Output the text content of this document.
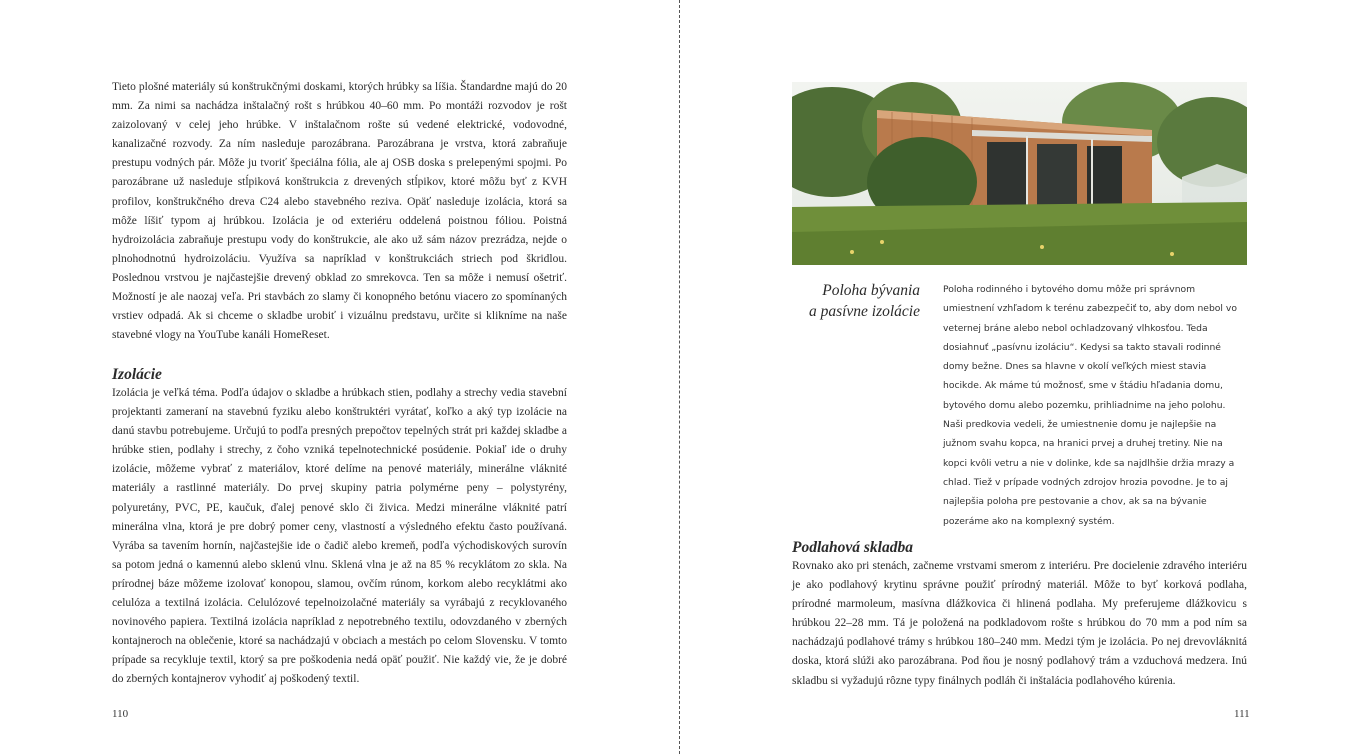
Tieto plošné materiály sú konštrukčnými doskami, ktorých hrúbky sa líšia. Štandardne majú do 20 mm. Za nimi sa nachádza inštalačný rošt s hrúbkou 40–60 mm. Po montáži rozvodov je rošt zaizolovaný v celej jeho hrúbke. V inštalačnom rošte sú vedené elektrické, vodovodné, kanalizačné rozvody. Za ním nasleduje parozábrana. Parozábrana je vrstva, ktorá zabraňuje prestupu vodných pár. Môže ju tvoriť špeciálna fólia, ale aj OSB doska s prelepenými spojmi. Po parozábrane už nasleduje stĺpiková konštrukcia z drevených stĺpikov, ktoré môžu byť z KVH profilov, konštrukčného dreva C24 alebo stavebného reziva. Opäť nasleduje izolácia, ktorá sa môže líšiť typom aj hrúbkou. Izolácia je od exteriéru oddelená poistnou fóliou. Poistná hydroizolácia zabraňuje prestupu vody do konštrukcie, ale ako už sám názov prezrádza, nejde o plnohodnotnú hydroizoláciu. Využíva sa napríklad v konštrukciách striech pod škridlou. Poslednou vrstvou je najčastejšie drevený obklad zo smrekovca. Ten sa môže i nemusí ošetriť. Možností je ale naozaj veľa. Pri stavbách zo slamy či konopného betónu viacero zo spomínaných vrstiev odpadá. Ak si chceme o skladbe urobiť i vizuálnu predstavu, určite si klikníme na naše stavebné vlogy na YouTube kanáli HomeReset.

Izolácie

Izolácia je veľká téma. Podľa údajov o skladbe a hrúbkach stien, podlahy a strechy vedia stavební projektanti zameraní na stavebnú fyziku alebo konštruktéri vyrátať, koľko a aký typ izolácie na danú stavbu potrebujeme. Určujú to podľa presných prepočtov tepelných strát pri každej skladbe a hrúbke stien, podlahy i strechy, z čoho vzniká tepelnotechnické posúdenie. Pokiaľ ide o druhy izolácie, môžeme vybrať z materiálov, ktoré delíme na penové materiály, minerálne vláknité materiály a rastlinné materiály. Do prvej skupiny patria polymérne peny – polystyrény, polyuretány, PVC, PE, kaučuk, ďalej penové sklo či živica. Medzi minerálne vláknité patrí minerálna vlna, ktorá je pre dobrý pomer ceny, vlastností a výsledného efektu často používaná. Vyrába sa tavením hornín, najčastejšie ide o čadič alebo kremeň, podľa východiskových surovín sa potom jedná o kamennú alebo sklenú vlnu. Sklená vlna je až na 85 % recyklátom zo skla. Na prírodnej báze môžeme izolovať konopou, slamou, ovčím rúnom, korkom alebo recyklátmi ako celulóza a textilná izolácia. Celulózové tepelnoizolačné materiály sa vyrábajú z recyklovaného novinového papiera. Textilná izolácia napríklad z nepotrebného textilu, odovzdaného v zberných kontajneroch na oblečenie, ktoré sa nachádzajú v obciach a mestách po celom Slovensku. V tomto prípade sa recykluje textil, ktorý sa pre poškodenia nedá opäť použiť. Nie každý vie, že je dobré do zberných kontajnerov vyhodiť aj poškodený textil.

110
Poloha bývania
a pasívne izolácie

Poloha rodinného i bytového domu môže pri správnom umiestnení vzhľadom k terénu zabezpečiť to, aby dom nebol vo veternej bráne alebo nebol ochladzovaný vlhkosťou. Teda dosiahnuť „pasívnu izoláciu“. Kedysi sa takto stavali rodinné domy bežne. Dnes sa hlavne v okolí veľkých miest stavia hocikde. Ak máme tú možnosť, sme v štádiu hľadania domu, bytového domu alebo pozemku, prihliadnime na jeho polohu. Naši predkovia vedeli, že umiestnenie domu je najlepšie na južnom svahu kopca, na hranici prvej a druhej tretiny. Nie na kopci kvôli vetru a nie v dolinke, kde sa najdlhšie držia mrazy a chlad. Tiež v prípade vodných zdrojov hrozia povodne. Je to aj najlepšia poloha pre pestovanie a chov, ak sa na bývanie pozeráme ako na komplexný systém.

Podlahová skladba

Rovnako ako pri stenách, začneme vrstvami smerom z interiéru. Pre docielenie zdravého interiéru je ako podlahový krytinu správne použiť prírodný materiál. Môže to byť korková podlaha, prírodné marmoleum, masívna dlážkovica či hlinená podlaha. My preferujeme dlážkovicu s hrúbkou 22–28 mm. Tá je položená na podkladovom rošte s hrúbkou do 70 mm a pod ním sa nachádzajú podlahové trámy s hrúbkou 180–240 mm. Medzi tým je izolácia. Po nej drevovláknitá doska, ktorá slúži ako parozábrana. Pod ňou je nosný podlahový trám a vzduchová medzera. Inú skladbu si vyžadujú rôzne typy finálnych podláh či inštalácia podlahového kúrenia.

111
